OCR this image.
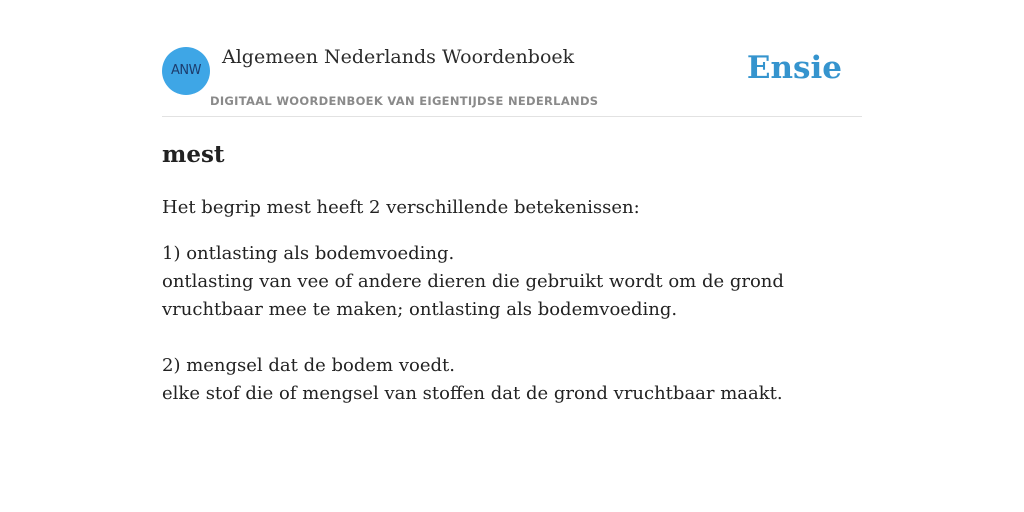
ANW
Algemeen Nederlands Woordenboek
DIGITAAL WOORDENBOEK VAN EIGENTIJDSE NEDERLANDS
Ensie
mest

Het begrip mest heeft 2 verschillende betekenissen:

1) ontlasting als bodemvoeding.
ontlasting van vee of andere dieren die gebruikt wordt om de grond vruchtbaar mee te maken; ontlasting als bodemvoeding.
2) mengsel dat de bodem voedt.
elke stof die of mengsel van stoffen dat de grond vruchtbaar maakt.
